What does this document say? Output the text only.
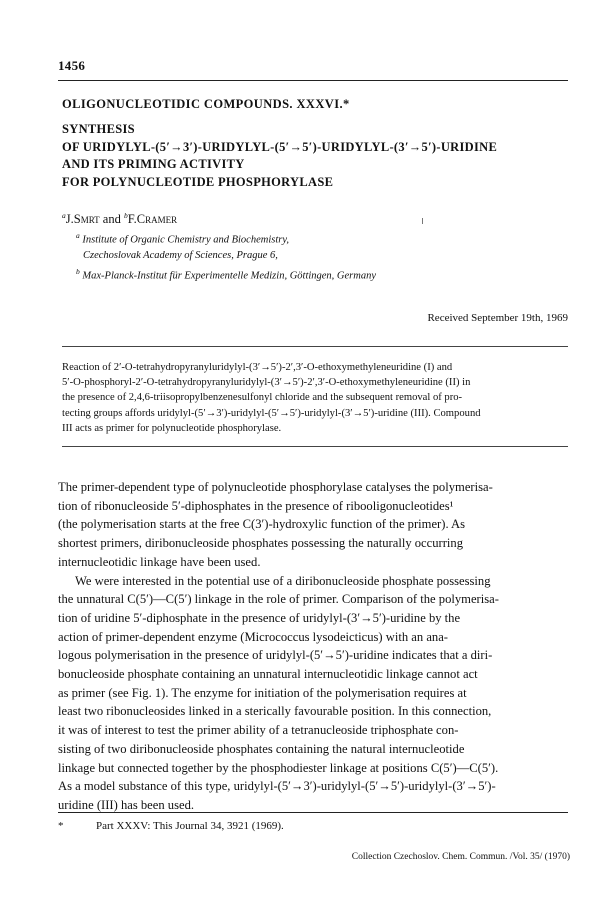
1456
OLIGONUCLEOTIDIC COMPOUNDS. XXXVI.*
SYNTHESIS
OF URIDYLYL-(5′→3′)-URIDYLYL-(5′→5′)-URIDYLYL-(3′→5′)-URIDINE
AND ITS PRIMING ACTIVITY
FOR POLYNUCLEOTIDE PHOSPHORYLASE
$^a$J.Smrt and $^b$F.Cramer
$^a$ Institute of Organic Chemistry and Biochemistry,
Czechoslovak Academy of Sciences, Prague 6,
$^b$ Max-Planck-Institut für Experimentelle Medizin, Göttingen, Germany
Received September 19th, 1969
Reaction of 2′-O-tetrahydropyranyluridylyl-(3′→5′)-2′,3′-O-ethoxymethyleneuridine (I) and
5′-O-phosphoryl-2′-O-tetrahydropyranyluridylyl-(3′→5′)-2′,3′-O-ethoxymethyleneuridine (II) in
the presence of 2,4,6-triisopropylbenzenesulfonyl chloride and the subsequent removal of pro-
tecting groups affords uridylyl-(5′→3′)-uridylyl-(5′→5′)-uridylyl-(3′→5′)-uridine (III). Compound
III acts as primer for polynucleotide phosphorylase.
The primer-dependent type of polynucleotide phosphorylase catalyses the polymerisa-
tion of ribonucleoside 5′-diphosphates in the presence of ribooligonucleotides¹
(the polymerisation starts at the free C(3′)-hydroxylic function of the primer). As
shortest primers, diribonucleoside phosphates possessing the naturally occurring
internucleotidic linkage have been used.
We were interested in the potential use of a diribonucleoside phosphate possessing
the unnatural C(5′)—C(5′) linkage in the role of primer. Comparison of the polymerisa-
tion of uridine 5′-diphosphate in the presence of uridylyl-(3′→5′)-uridine by the
action of primer-dependent enzyme (Micrococcus lysodeicticus) with an ana-
logous polymerisation in the presence of uridylyl-(5′→5′)-uridine indicates that a diri-
bonucleoside phosphate containing an unnatural internucleotidic linkage cannot act
as primer (see Fig. 1). The enzyme for initiation of the polymerisation requires at
least two ribonucleosides linked in a sterically favourable position. In this connection,
it was of interest to test the primer ability of a tetranucleoside triphosphate con-
sisting of two diribonucleoside phosphates containing the natural internucleotide
linkage but connected together by the phosphodiester linkage at positions C(5′)—C(5′).
As a model substance of this type, uridylyl-(5′→3′)-uridylyl-(5′→5′)-uridylyl-(3′→5′)-
uridine (III) has been used.
*	Part XXXV: This Journal 34, 3921 (1969).
Collection Czechoslov. Chem. Commun. /Vol. 35/ (1970)
